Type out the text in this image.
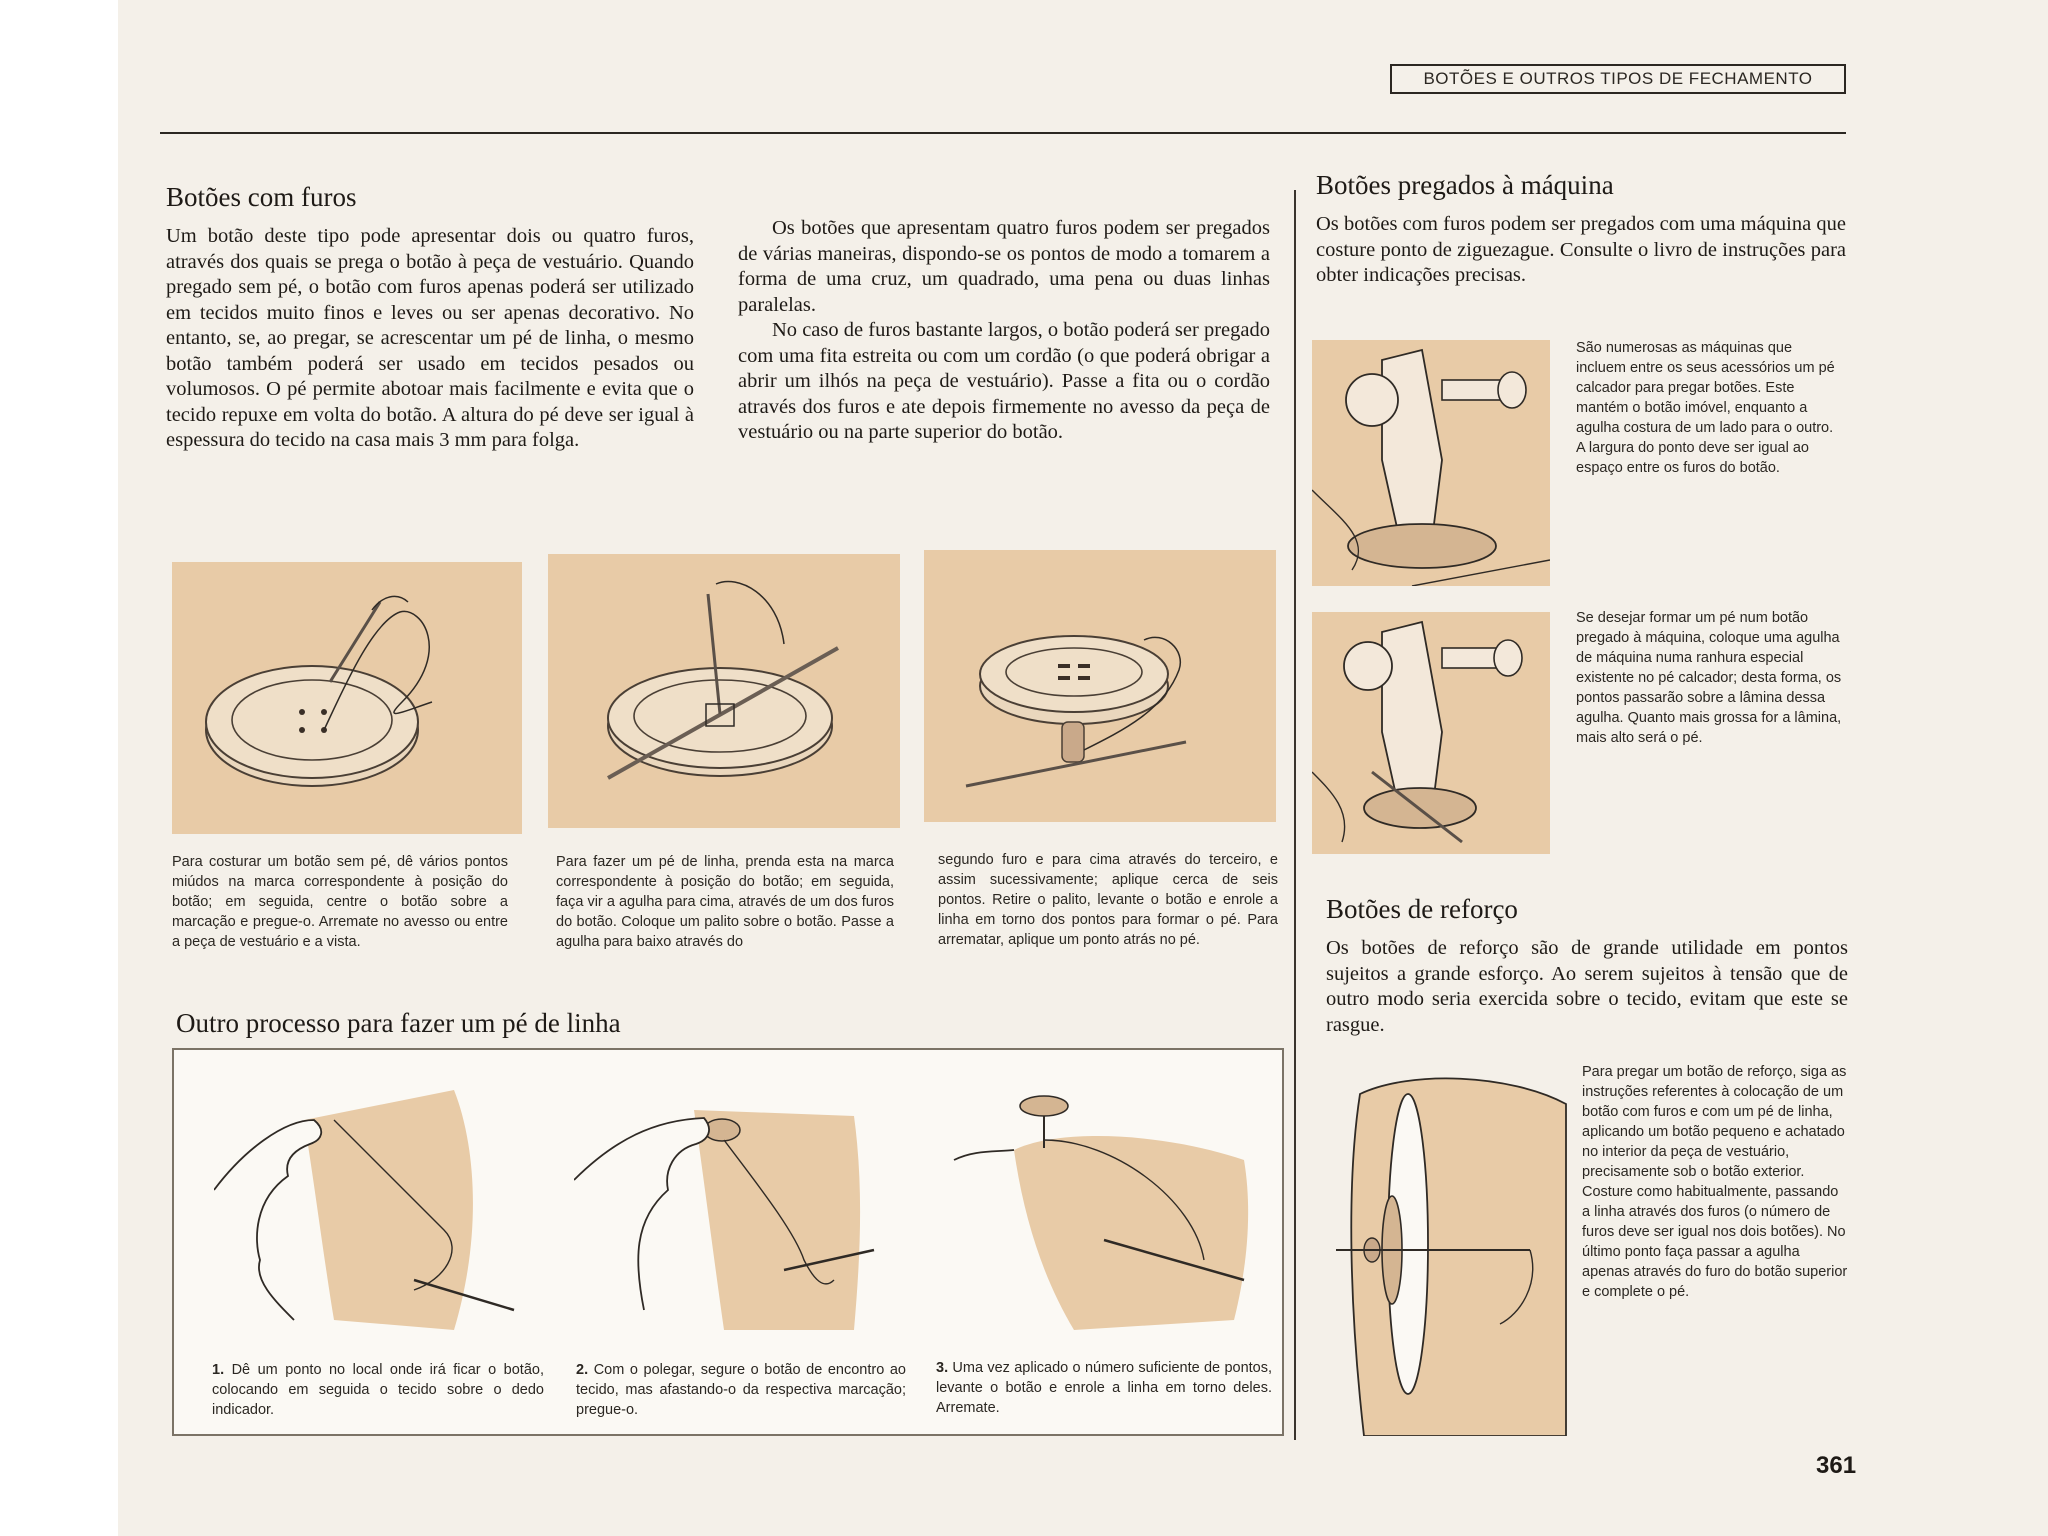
BOTÕES E OUTROS TIPOS DE FECHAMENTO
Botões com furos

Um botão deste tipo pode apresentar dois ou quatro furos, através dos quais se prega o botão à peça de vestuário. Quando pregado sem pé, o botão com furos apenas poderá ser utilizado em tecidos muito finos e leves ou ser apenas decorativo. No entanto, se, ao pregar, se acrescentar um pé de linha, o mesmo botão também poderá ser usado em tecidos pesados ou volumosos. O pé permite abotoar mais facilmente e evita que o tecido repuxe em volta do botão. A altura do pé deve ser igual à espessura do tecido na casa mais 3 mm para folga.

Os botões que apresentam quatro furos podem ser pregados de várias maneiras, dispondo-se os pontos de modo a tomarem a forma de uma cruz, um quadrado, uma pena ou duas linhas paralelas.

No caso de furos bastante largos, o botão poderá ser pregado com uma fita estreita ou com um cordão (o que poderá obrigar a abrir um ilhós na peça de vestuário). Passe a fita ou o cordão através dos furos e ate depois firmemente no avesso da peça de vestuário ou na parte superior do botão.

Para costurar um botão sem pé, dê vários pontos miúdos na marca correspondente à posição do botão; em seguida, centre o botão sobre a marcação e pregue-o. Arremate no avesso ou entre a peça de vestuário e a vista.

Para fazer um pé de linha, prenda esta na marca correspondente à posição do botão; em seguida, faça vir a agulha para cima, através de um dos furos do botão. Coloque um palito sobre o botão. Passe a agulha para baixo através do

segundo furo e para cima através do terceiro, e assim sucessivamente; aplique cerca de seis pontos. Retire o palito, levante o botão e enrole a linha em torno dos pontos para formar o pé. Para arrematar, aplique um ponto atrás no pé.

Outro processo para fazer um pé de linha

1. Dê um ponto no local onde irá ficar o botão, colocando em seguida o tecido sobre o dedo indicador.

2. Com o polegar, segure o botão de encontro ao tecido, mas afastando-o da respectiva marcação; pregue-o.

3. Uma vez aplicado o número suficiente de pontos, levante o botão e enrole a linha em torno deles. Arremate.

Botões pregados à máquina

Os botões com furos podem ser pregados com uma máquina que costure ponto de ziguezague. Consulte o livro de instruções para obter indicações precisas.

São numerosas as máquinas que incluem entre os seus acessórios um pé calcador para pregar botões. Este mantém o botão imóvel, enquanto a agulha costura de um lado para o outro. A largura do ponto deve ser igual ao espaço entre os furos do botão.

Se desejar formar um pé num botão pregado à máquina, coloque uma agulha de máquina numa ranhura especial existente no pé calcador; desta forma, os pontos passarão sobre a lâmina dessa agulha. Quanto mais grossa for a lâmina, mais alto será o pé.

Botões de reforço

Os botões de reforço são de grande utilidade em pontos sujeitos a grande esforço. Ao serem sujeitos à tensão que de outro modo seria exercida sobre o tecido, evitam que este se rasgue.

Para pregar um botão de reforço, siga as instruções referentes à colocação de um botão com furos e com um pé de linha, aplicando um botão pequeno e achatado no interior da peça de vestuário, precisamente sob o botão exterior. Costure como habitualmente, passando a linha através dos furos (o número de furos deve ser igual nos dois botões). No último ponto faça passar a agulha apenas através do furo do botão superior e complete o pé.

361
